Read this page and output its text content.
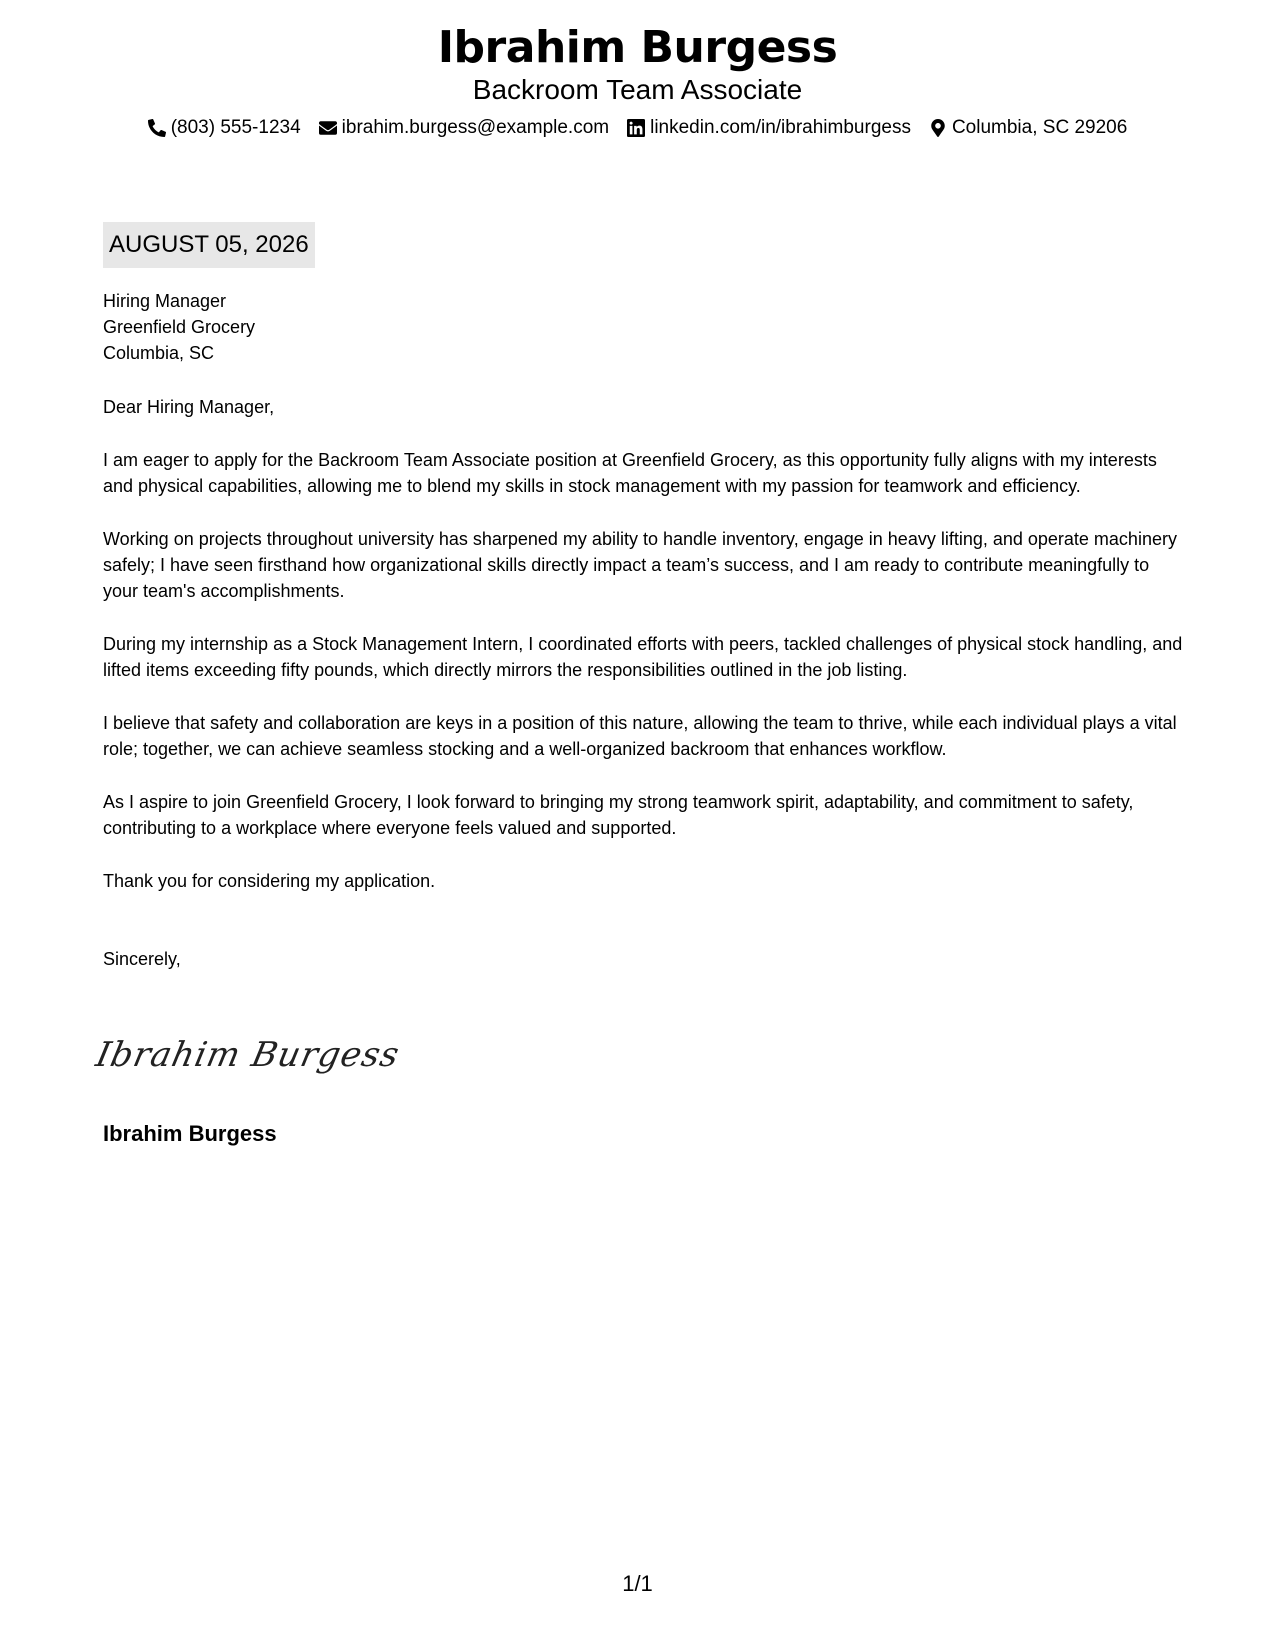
Ibrahim Burgess
Backroom Team Associate
(803) 555-1234 ibrahim.burgess@example.com linkedin.com/in/ibrahimburgess Columbia, SC 29206
AUGUST 05, 2026
Hiring Manager
Greenfield Grocery
Columbia, SC

Dear Hiring Manager,

I am eager to apply for the Backroom Team Associate position at Greenfield Grocery, as this opportunity fully aligns with my interests and physical capabilities, allowing me to blend my skills in stock management with my passion for teamwork and efficiency.

Working on projects throughout university has sharpened my ability to handle inventory, engage in heavy lifting, and operate machinery safely; I have seen firsthand how organizational skills directly impact a team’s success, and I am ready to contribute meaningfully to your team's accomplishments.

During my internship as a Stock Management Intern, I coordinated efforts with peers, tackled challenges of physical stock handling, and lifted items exceeding fifty pounds, which directly mirrors the responsibilities outlined in the job listing.

I believe that safety and collaboration are keys in a position of this nature, allowing the team to thrive, while each individual plays a vital role; together, we can achieve seamless stocking and a well-organized backroom that enhances workflow.

As I aspire to join Greenfield Grocery, I look forward to bringing my strong teamwork spirit, adaptability, and commitment to safety, contributing to a workplace where everyone feels valued and supported.

Thank you for considering my application.

Sincerely,

Ibrahim Burgess
Ibrahim Burgess
1/1
